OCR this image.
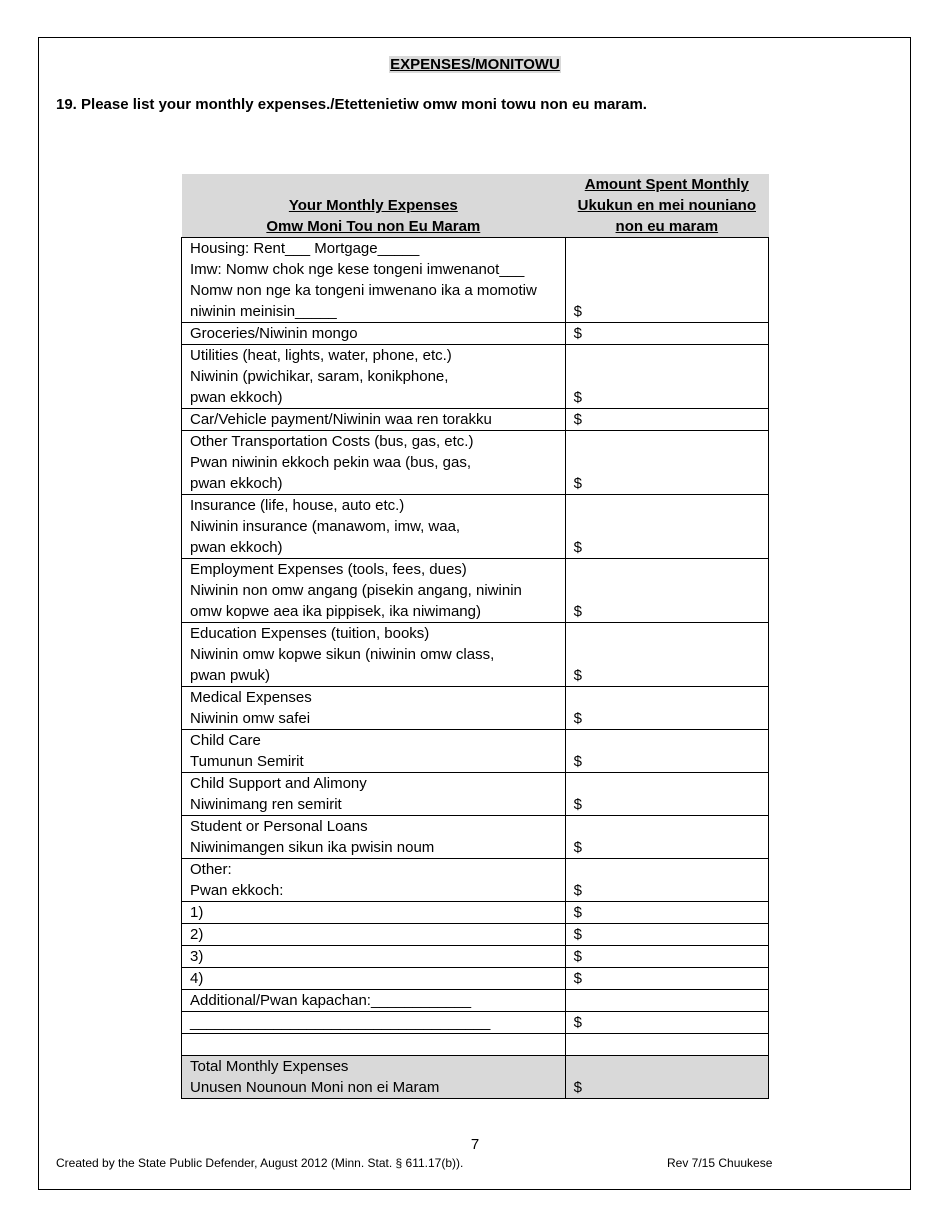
EXPENSES/MONITOWU
19. Please list your monthly expenses./Etettenietiw omw moni towu non eu maram.
Your Monthly Expenses
Omw Moni Tou non Eu Maram	Amount Spent Monthly
Ukukun en mei nouniano
non eu maram

Housing: Rent___ Mortgage_____
Imw: Nomw chok nge kese tongeni imwenanot___
Nomw non nge ka tongeni imwenano ika a momotiw
niwinin meinisin_____	$

Groceries/Niwinin mongo	$

Utilities (heat, lights, water, phone, etc.)
Niwinin (pwichikar, saram, konikphone,
pwan ekkoch)	$

Car/Vehicle payment/Niwinin waa ren torakku	$

Other Transportation Costs (bus, gas, etc.)
Pwan niwinin ekkoch pekin waa (bus, gas,
pwan ekkoch)	$

Insurance (life, house, auto etc.)
Niwinin insurance (manawom, imw, waa,
pwan ekkoch)	$

Employment Expenses (tools, fees, dues)
Niwinin non omw angang (pisekin angang, niwinin
omw kopwe aea ika pippisek, ika niwimang)	$

Education Expenses (tuition, books)
Niwinin omw kopwe sikun (niwinin omw class,
pwan pwuk)	$

Medical Expenses
Niwinin omw safei	$

Child Care
Tumunun Semirit	$

Child Support and Alimony
Niwinimang ren semirit	$

Student or Personal Loans
Niwinimangen sikun ika pwisin noum	$

Other:
Pwan ekkoch:	$

1)	$

2)	$

3)	$

4)	$

Additional/Pwan kapachan:____________	

____________________________________	$

Total Monthly Expenses
Unusen Nounoun Moni non ei Maram	$
7
Created by the State Public Defender, August 2012 (Minn. Stat. § 611.17(b)).	Rev 7/15 Chuukese
